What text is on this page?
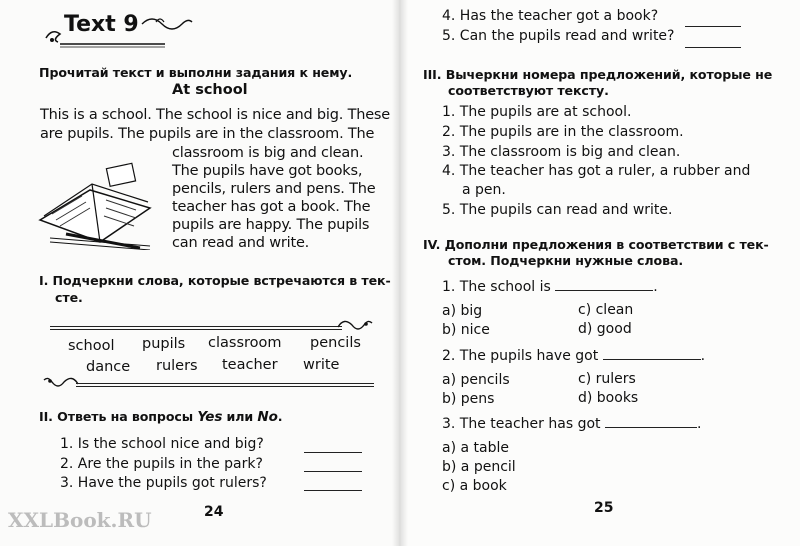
Text 9
Прочитай текст и выполни задания к нему.
At school
This is a school. The school is nice and big. These
are pupils. The pupils are in the classroom. The
classroom is big and clean.
The pupils have got books,
pencils, rulers and pens. The
teacher has got a book. The
pupils are happy. The pupils
can read and write.
I. Подчеркни слова, которые встречаются в тек-
сте.
school pupils classroom pencils
dance rulers teacher write
II. Ответь на вопросы Yes или No.
1. Is the school nice and big?
2. Are the pupils in the park?
3. Have the pupils got rulers?
24
XXLBook.RU
4. Has the teacher got a book?
5. Can the pupils read and write?
III. Вычеркни номера предложений, которые не
соответствуют тексту.
1. The pupils are at school.
2. The pupils are in the classroom.
3. The classroom is big and clean.
4. The teacher has got a ruler, a rubber and
a pen.
5. The pupils can read and write.
IV. Дополни предложения в соответствии с тек-
стом. Подчеркни нужные слова.
1. The school is	.
a) big	c) clean
b) nice	d) good
2. The pupils have got	.
a) pencils	c) rulers
b) pens	d) books
3. The teacher has got	.
a) a table
b) a pencil
c) a book
25
